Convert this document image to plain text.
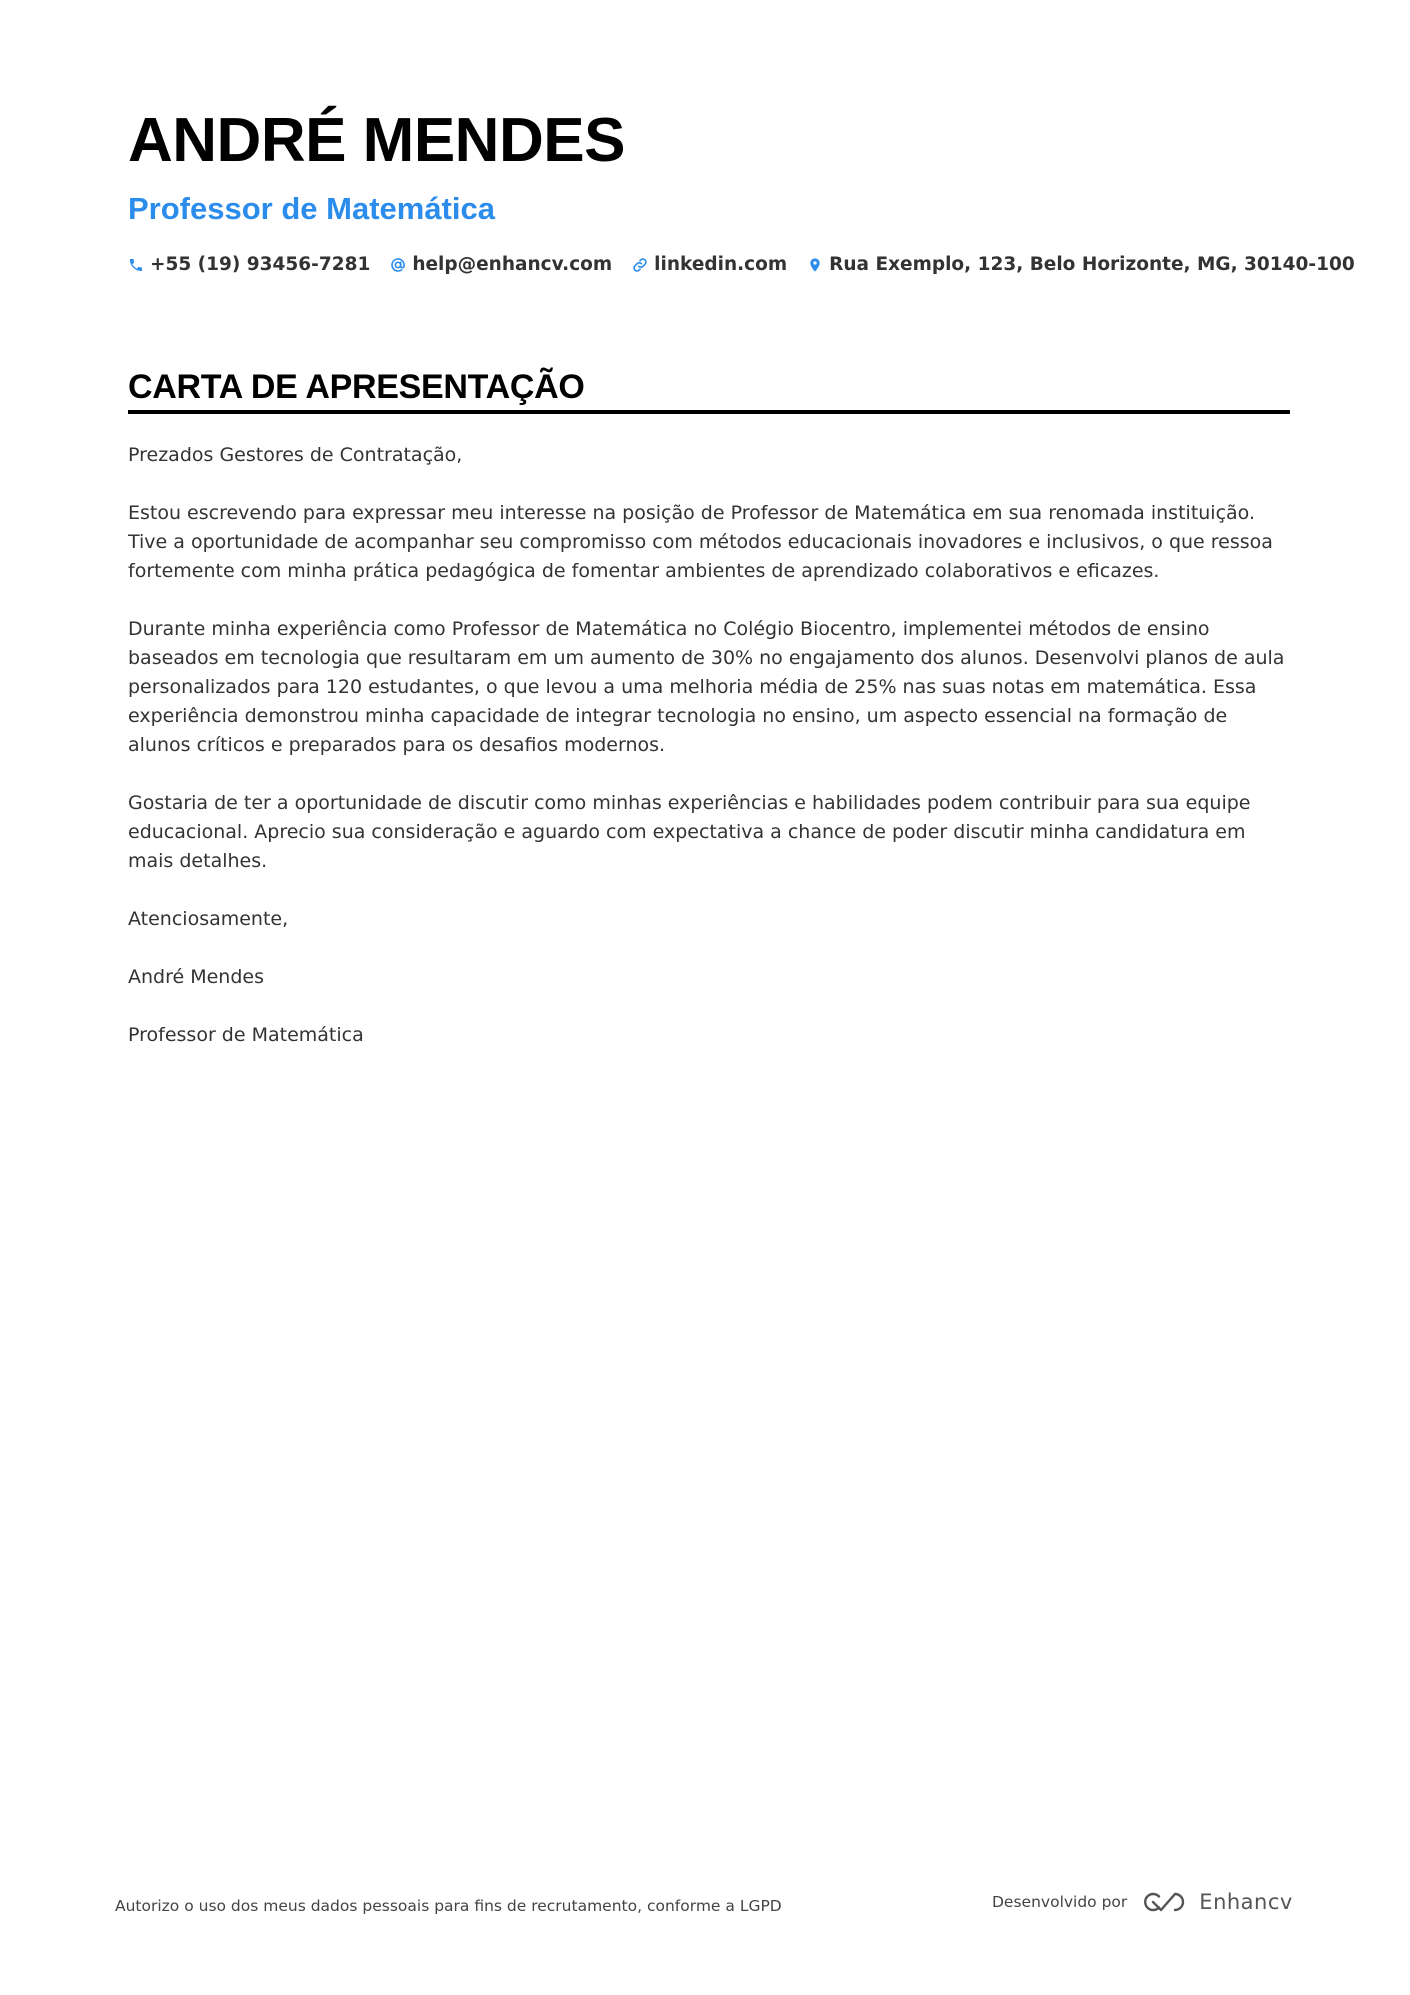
ANDRÉ MENDES
Professor de Matemática
+55 (19) 93456-7281 help@enhancv.com linkedin.com Rua Exemplo, 123, Belo Horizonte, MG, 30140-100
CARTA DE APRESENTAÇÃO

Prezados Gestores de Contratação,

Estou escrevendo para expressar meu interesse na posição de Professor de Matemática em sua renomada instituição. Tive a oportunidade de acompanhar seu compromisso com métodos educacionais inovadores e inclusivos, o que ressoa fortemente com minha prática pedagógica de fomentar ambientes de aprendizado colaborativos e eficazes.

Durante minha experiência como Professor de Matemática no Colégio Biocentro, implementei métodos de ensino baseados em tecnologia que resultaram em um aumento de 30% no engajamento dos alunos. Desenvolvi planos de aula personalizados para 120 estudantes, o que levou a uma melhoria média de 25% nas suas notas em matemática. Essa experiência demonstrou minha capacidade de integrar tecnologia no ensino, um aspecto essencial na formação de alunos críticos e preparados para os desafios modernos.

Gostaria de ter a oportunidade de discutir como minhas experiências e habilidades podem contribuir para sua equipe educacional. Aprecio sua consideração e aguardo com expectativa a chance de poder discutir minha candidatura em mais detalhes.

Atenciosamente,

André Mendes

Professor de Matemática

Autorizo o uso dos meus dados pessoais para fins de recrutamento, conforme a LGPD	Desenvolvido por	Enhancv
